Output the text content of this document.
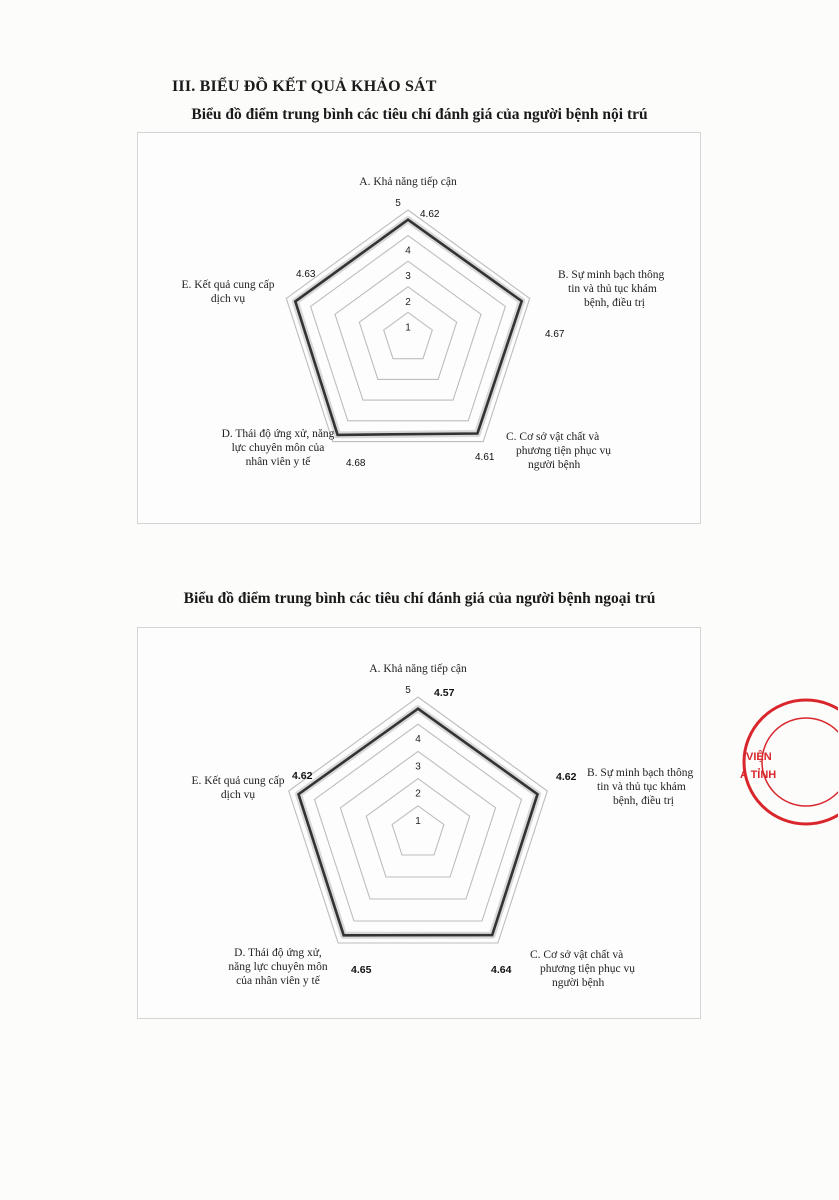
III. BIỂU ĐỒ KẾT QUẢ KHẢO SÁT
Biểu đồ điểm trung bình các tiêu chí đánh giá của người bệnh nội trú
1
2
3
4
5
A. Khả năng tiếp cận
B. Sự minh bạch thông tin và thủ tục khám bệnh, điều trị
C. Cơ sở vật chất và phương tiện phục vụ người bệnh
D. Thái độ ứng xử, năng lực chuyên môn của nhân viên y tế
E. Kết quả cung cấp dịch vụ
4.62
4.67
4.61
4.68
4.63
Biểu đồ điểm trung bình các tiêu chí đánh giá của người bệnh ngoại trú
1
2
3
4
5
A. Khả năng tiếp cận
B. Sự minh bạch thông tin và thủ tục khám bệnh, điều trị
C. Cơ sở vật chất và phương tiện phục vụ người bệnh
D. Thái độ ứng xử, năng lực chuyên môn của nhân viên y tế
E. Kết quả cung cấp dịch vụ
4.57
4.62
4.64
4.65
4.62
VIỆN
A TỈNH
